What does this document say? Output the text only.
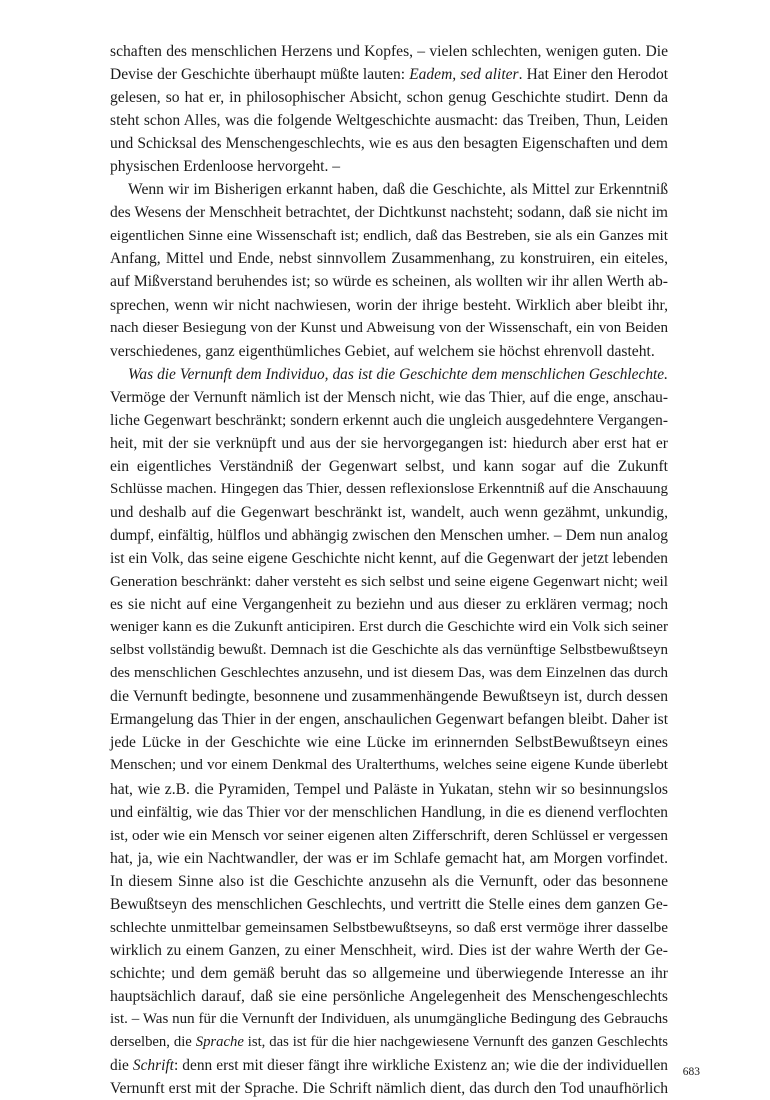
schaften des menschlichen Herzens und Kopfes, – vielen schlechten, wenigen guten. Die
Devise der Geschichte überhaupt müßte lauten: Eadem, sed aliter. Hat Einer den Herodot
gelesen, so hat er, in philosophischer Absicht, schon genug Geschichte studirt. Denn da
steht schon Alles, was die folgende Weltgeschichte ausmacht: das Treiben, Thun, Leiden
und Schicksal des Menschengeschlechts, wie es aus den besagten Eigenschaften und dem
physischen Erdenloose hervorgeht. –
Wenn wir im Bisherigen erkannt haben, daß die Geschichte, als Mittel zur Erkenntniß
des Wesens der Menschheit betrachtet, der Dichtkunst nachsteht; sodann, daß sie nicht im
eigentlichen Sinne eine Wissenschaft ist; endlich, daß das Bestreben, sie als ein Ganzes mit
Anfang, Mittel und Ende, nebst sinnvollem Zusammenhang, zu konstruiren, ein eiteles,
auf Mißverstand beruhendes ist; so würde es scheinen, als wollten wir ihr allen Werth ab-
sprechen, wenn wir nicht nachwiesen, worin der ihrige besteht. Wirklich aber bleibt ihr,
nach dieser Besiegung von der Kunst und Abweisung von der Wissenschaft, ein von Beiden
verschiedenes, ganz eigenthümliches Gebiet, auf welchem sie höchst ehrenvoll dasteht.
Was die Vernunft dem Individuo, das ist die Geschichte dem menschlichen Geschlechte.
Vermöge der Vernunft nämlich ist der Mensch nicht, wie das Thier, auf die enge, anschau-
liche Gegenwart beschränkt; sondern erkennt auch die ungleich ausgedehntere Vergangen-
heit, mit der sie verknüpft und aus der sie hervorgegangen ist: hiedurch aber erst hat er
ein eigentliches Verständniß der Gegenwart selbst, und kann sogar auf die Zukunft
Schlüsse machen. Hingegen das Thier, dessen reflexionslose Erkenntniß auf die Anschauung
und deshalb auf die Gegenwart beschränkt ist, wandelt, auch wenn gezähmt, unkundig,
dumpf, einfältig, hülflos und abhängig zwischen den Menschen umher. – Dem nun analog
ist ein Volk, das seine eigene Geschichte nicht kennt, auf die Gegenwart der jetzt lebenden
Generation beschränkt: daher versteht es sich selbst und seine eigene Gegenwart nicht; weil
es sie nicht auf eine Vergangenheit zu beziehn und aus dieser zu erklären vermag; noch
weniger kann es die Zukunft anticipiren. Erst durch die Geschichte wird ein Volk sich seiner
selbst vollständig bewußt. Demnach ist die Geschichte als das vernünftige Selbstbewußtseyn
des menschlichen Geschlechtes anzusehn, und ist diesem Das, was dem Einzelnen das durch
die Vernunft bedingte, besonnene und zusammenhängende Bewußtseyn ist, durch dessen
Ermangelung das Thier in der engen, anschaulichen Gegenwart befangen bleibt. Daher ist
jede Lücke in der Geschichte wie eine Lücke im erinnernden SelbstBewußtseyn eines
Menschen; und vor einem Denkmal des Uralterthums, welches seine eigene Kunde überlebt
hat, wie z.B. die Pyramiden, Tempel und Paläste in Yukatan, stehn wir so besinnungslos
und einfältig, wie das Thier vor der menschlichen Handlung, in die es dienend verflochten
ist, oder wie ein Mensch vor seiner eigenen alten Zifferschrift, deren Schlüssel er vergessen
hat, ja, wie ein Nachtwandler, der was er im Schlafe gemacht hat, am Morgen vorfindet.
In diesem Sinne also ist die Geschichte anzusehn als die Vernunft, oder das besonnene
Bewußtseyn des menschlichen Geschlechts, und vertritt die Stelle eines dem ganzen Ge-
schlechte unmittelbar gemeinsamen Selbstbewußtseyns, so daß erst vermöge ihrer dasselbe
wirklich zu einem Ganzen, zu einer Menschheit, wird. Dies ist der wahre Werth der Ge-
schichte; und dem gemäß beruht das so allgemeine und überwiegende Interesse an ihr
hauptsächlich darauf, daß sie eine persönliche Angelegenheit des Menschengeschlechts
ist. – Was nun für die Vernunft der Individuen, als unumgängliche Bedingung des Gebrauchs
derselben, die Sprache ist, das ist für die hier nachgewiesene Vernunft des ganzen Geschlechts
die Schrift: denn erst mit dieser fängt ihre wirkliche Existenz an; wie die der individuellen
Vernunft erst mit der Sprache. Die Schrift nämlich dient, das durch den Tod unaufhörlich
683
